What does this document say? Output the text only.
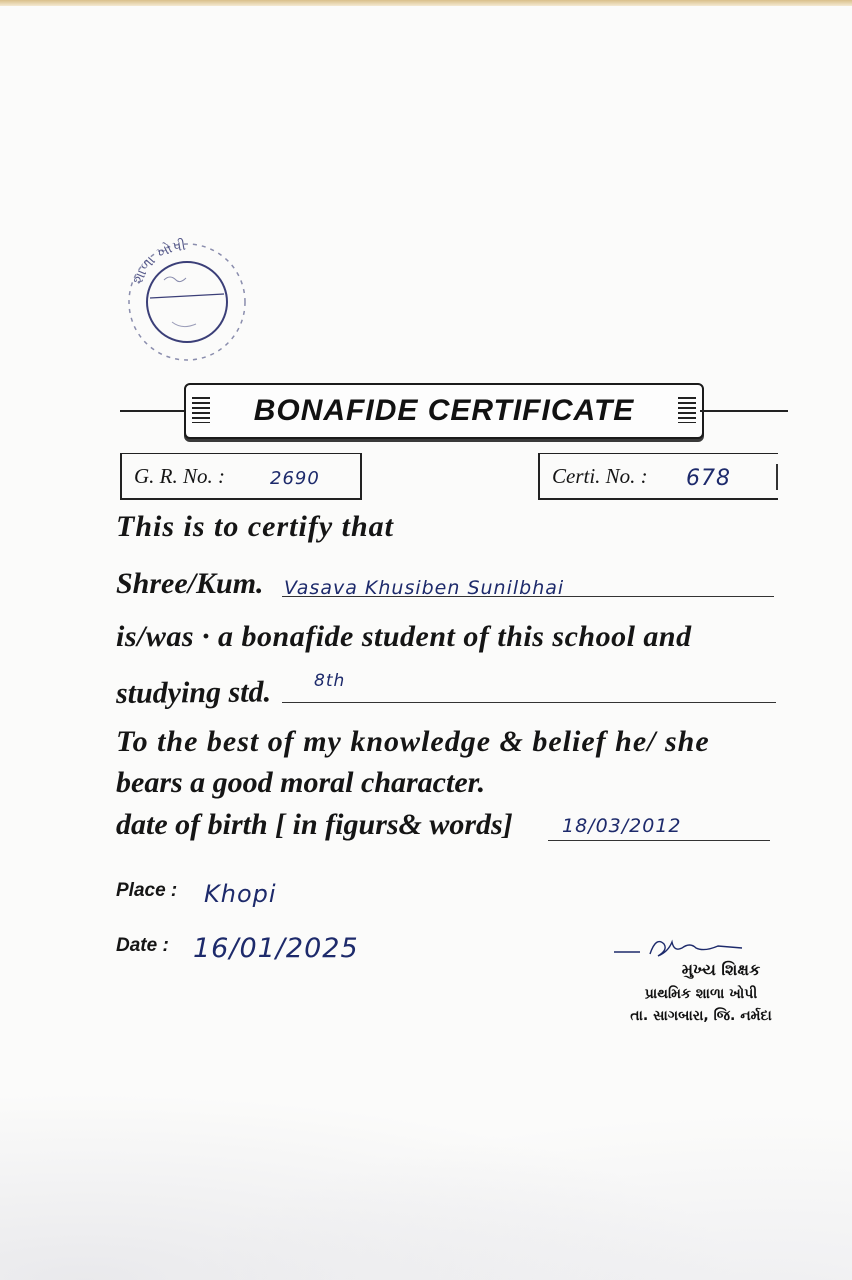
શાળા ખોપી
BONAFIDE CERTIFICATE
G. R. No. :	2690	Certi. No. : 678
This is to certify that
Shree/Kum. Vasava Khusiben Sunilbhai
is/was · a bonafide student of this school and
studying std.	8th
To the best of my knowledge & belief he/ she
bears a good moral character.
date of birth [ in figurs& words]	18/03/2012
Place : Khopi
Date : 16/01/2025
મુખ્ય શિક્ષક
પ્રાથમિક શાળા ખોપી
તા. સાગબારા, જિ. નર્મદા
